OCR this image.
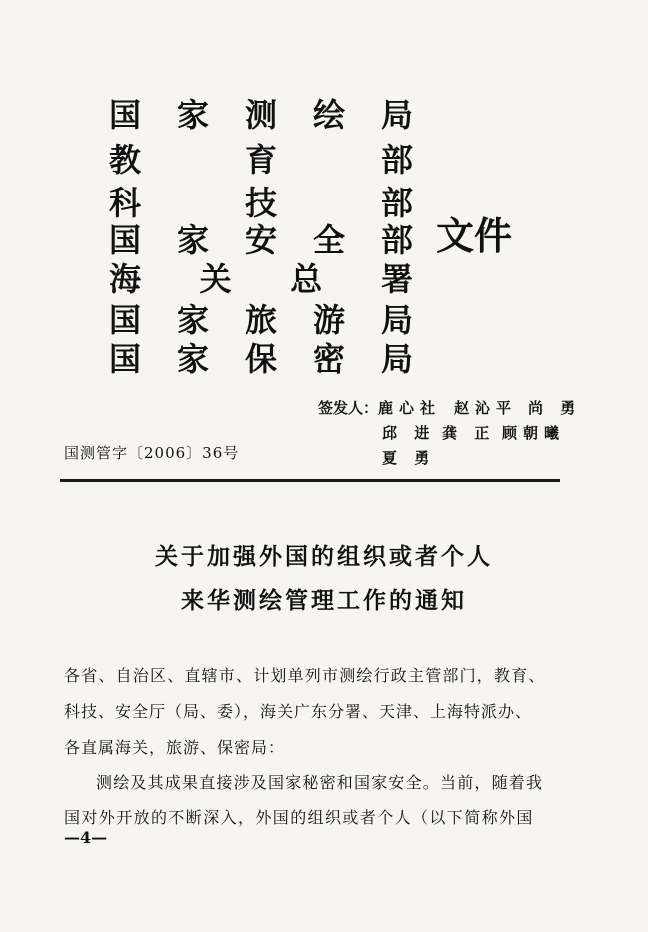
国 家 测 绘 局
教	育	部
科	技	部
国 家 安 全 部
海 关 总 署
国 家 旅 游 局
国 家 保 密 局
文件
签发人： 鹿心社 赵沁平 尚 勇
邱 进 龚 正 顾朝曦
夏 勇
国测管字〔2006〕36号
关于加强外国的组织或者个人
来华测绘管理工作的通知
各省、自治区、直辖市、计划单列市测绘行政主管部门，教育、
科技、安全厅（局、委），海关广东分署、天津、上海特派办、
各直属海关，旅游、保密局：
测绘及其成果直接涉及国家秘密和国家安全。当前，随着我
国对外开放的不断深入，外国的组织或者个人（以下简称外国
—4—
